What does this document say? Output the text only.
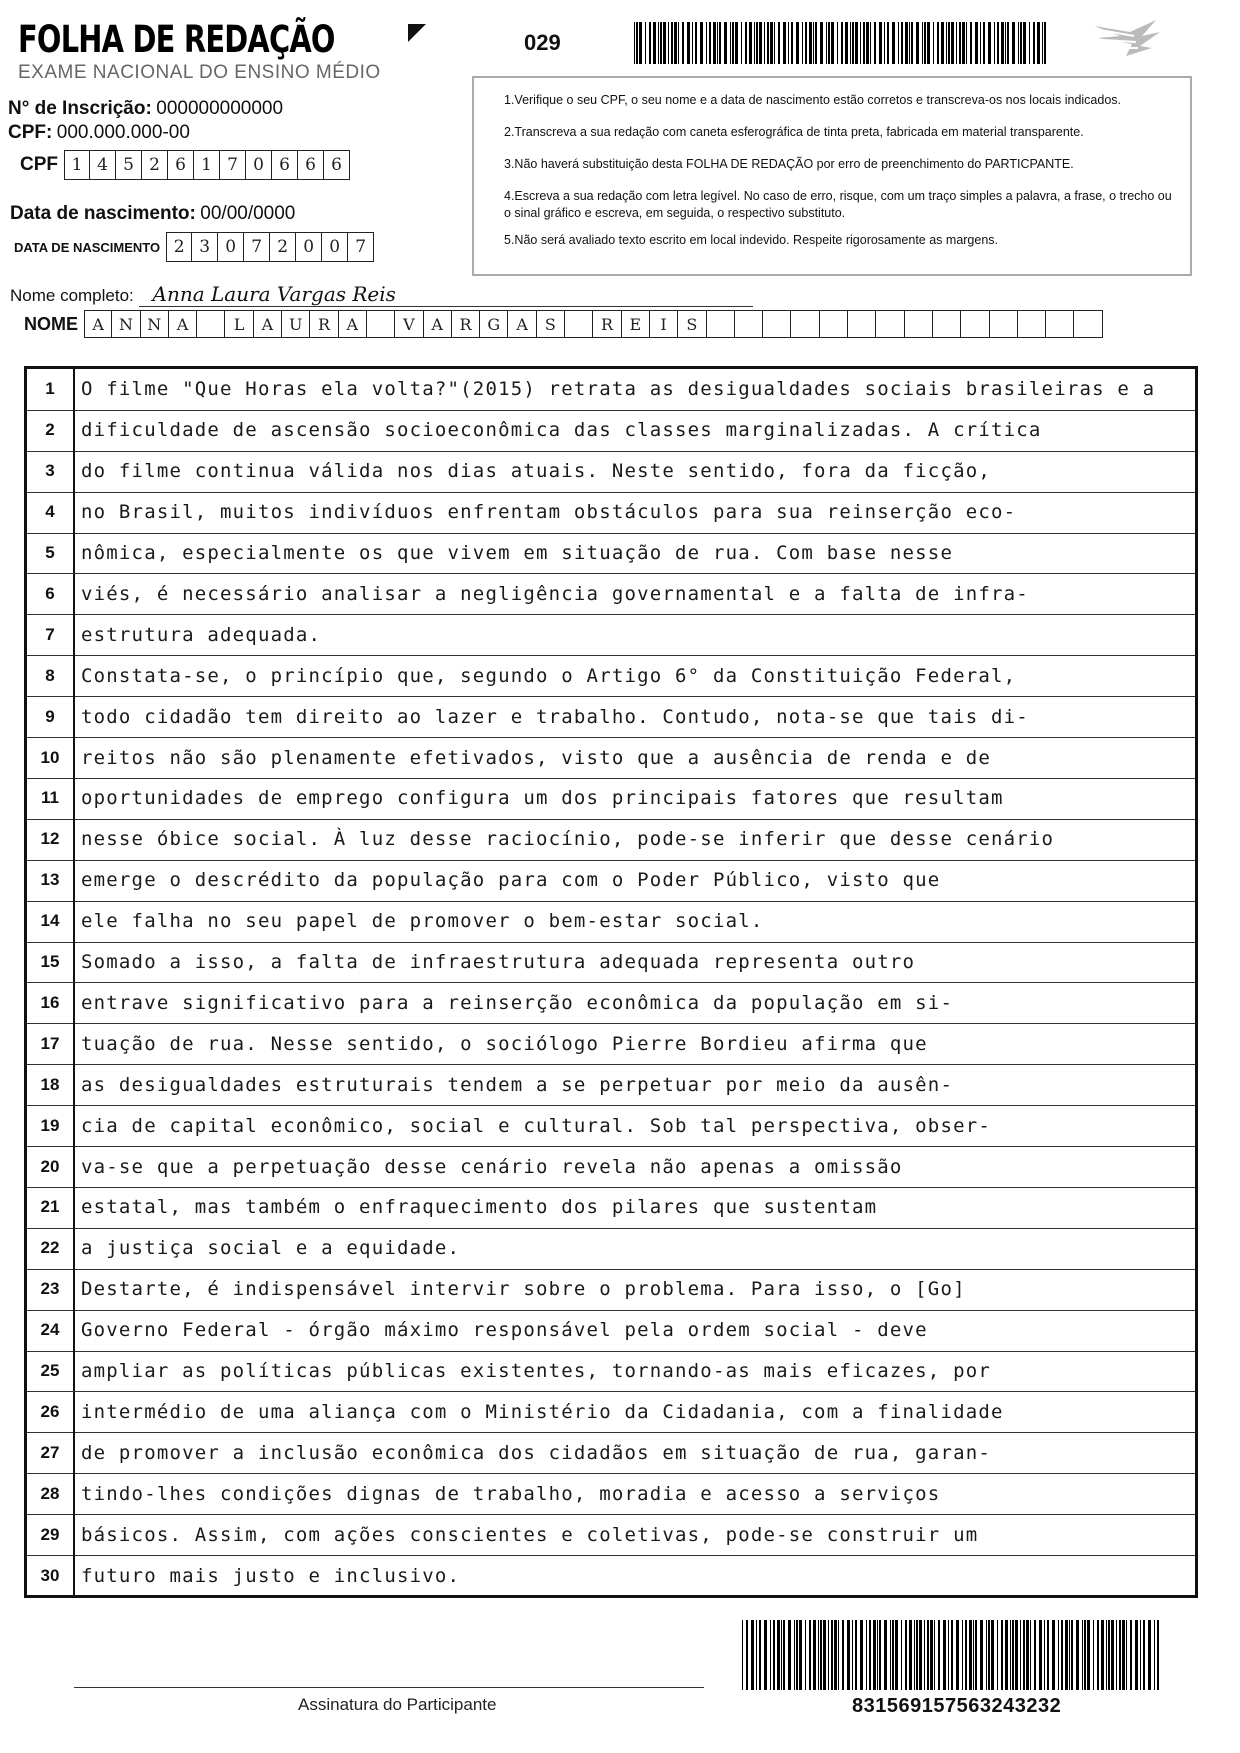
FOLHA DE REDAÇÃO
EXAME NACIONAL DO ENSINO MÉDIO
029
N° de Inscrição: 000000000000
CPF: 000.000.000-00
CPF 1 4 5 2 6 1 7 0 6 6 6
Data de nascimento: 00/00/0000
DATA DE NASCIMENTO 2 3 0 7 2 0 0 7

1.Verifique o seu CPF, o seu nome e a data de nascimento estão corretos e transcreva-os nos locais indicados.

2.Transcreva a sua redação com caneta esferográfica de tinta preta, fabricada em material transparente.

3.Não haverá substituição desta FOLHA DE REDAÇÃO por erro de preenchimento do PARTICPANTE.

4.Escreva a sua redação com letra legível. No caso de erro, risque, com um traço simples a palavra, a frase, o trecho ou o sinal gráfico e escreva, em seguida, o respectivo substituto.

5.Não será avaliado texto escrito em local indevido. Respeite rigorosamente as margens.

Nome completo: Anna Laura Vargas Reis
NOME A N N A	L	A U R	A	V	A	R G	A	S	R	E	I	S
1	O filme "Que Horas ela volta?"(2015) retrata as desigualdades sociais brasileiras e a
2	dificuldade de ascensão socioeconômica das classes marginalizadas. A crítica
3	do filme continua válida nos dias atuais. Neste sentido, fora da ficção,
4	no Brasil, muitos indivíduos enfrentam obstáculos para sua reinserção eco-
5	nômica, especialmente os que vivem em situação de rua. Com base nesse
6	viés, é necessário analisar a negligência governamental e a falta de infra-
7	estrutura adequada.
8	Constata-se, o princípio que, segundo o Artigo 6° da Constituição Federal,
9	todo cidadão tem direito ao lazer e trabalho. Contudo, nota-se que tais di-
10	reitos não são plenamente efetivados, visto que a ausência de renda e de
11	oportunidades de emprego configura um dos principais fatores que resultam
12	nesse óbice social. À luz desse raciocínio, pode-se inferir que desse cenário
13	emerge o descrédito da população para com o Poder Público, visto que
14	ele falha no seu papel de promover o bem-estar social.
15	Somado a isso, a falta de infraestrutura adequada representa outro
16	entrave significativo para a reinserção econômica da população em si-
17	tuação de rua. Nesse sentido, o sociólogo Pierre Bordieu afirma que
18	as desigualdades estruturais tendem a se perpetuar por meio da ausên-
19	cia de capital econômico, social e cultural. Sob tal perspectiva, obser-
20	va-se que a perpetuação desse cenário revela não apenas a omissão
21	estatal, mas também o enfraquecimento dos pilares que sustentam
22	a justiça social e a equidade.
23	Destarte, é indispensável intervir sobre o problema. Para isso, o [Go]
24	Governo Federal - órgão máximo responsável pela ordem social - deve
25	ampliar as políticas públicas existentes, tornando-as mais eficazes, por
26	intermédio de uma aliança com o Ministério da Cidadania, com a finalidade
27	de promover a inclusão econômica dos cidadãos em situação de rua, garan-
28	tindo-lhes condições dignas de trabalho, moradia e acesso a serviços
29	básicos. Assim, com ações conscientes e coletivas, pode-se construir um
30	futuro mais justo e inclusivo.
Assinatura do Participante	831569157563243232
